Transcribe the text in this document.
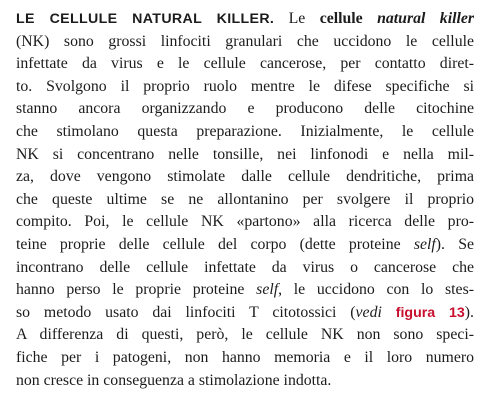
LE CELLULE NATURAL KILLER. Le cellule natural killer
(NK) sono grossi linfociti granulari che uccidono le cellule
infettate da virus e le cellule cancerose, per contatto diret-
to. Svolgono il proprio ruolo mentre le difese specifiche si
stanno ancora organizzando e producono delle citochine
che stimolano questa preparazione. Inizialmente, le cellule
NK si concentrano nelle tonsille, nei linfonodi e nella mil-
za, dove vengono stimolate dalle cellule dendritiche, prima
che queste ultime se ne allontanino per svolgere il proprio
compito. Poi, le cellule NK «partono» alla ricerca delle pro-
teine proprie delle cellule del corpo (dette proteine self). Se
incontrano delle cellule infettate da virus o cancerose che
hanno perso le proprie proteine self, le uccidono con lo stes-
so metodo usato dai linfociti T citotossici (vedi figura 13).
A differenza di questi, però, le cellule NK non sono speci-
fiche per i patogeni, non hanno memoria e il loro numero
non cresce in conseguenza a stimolazione indotta.
